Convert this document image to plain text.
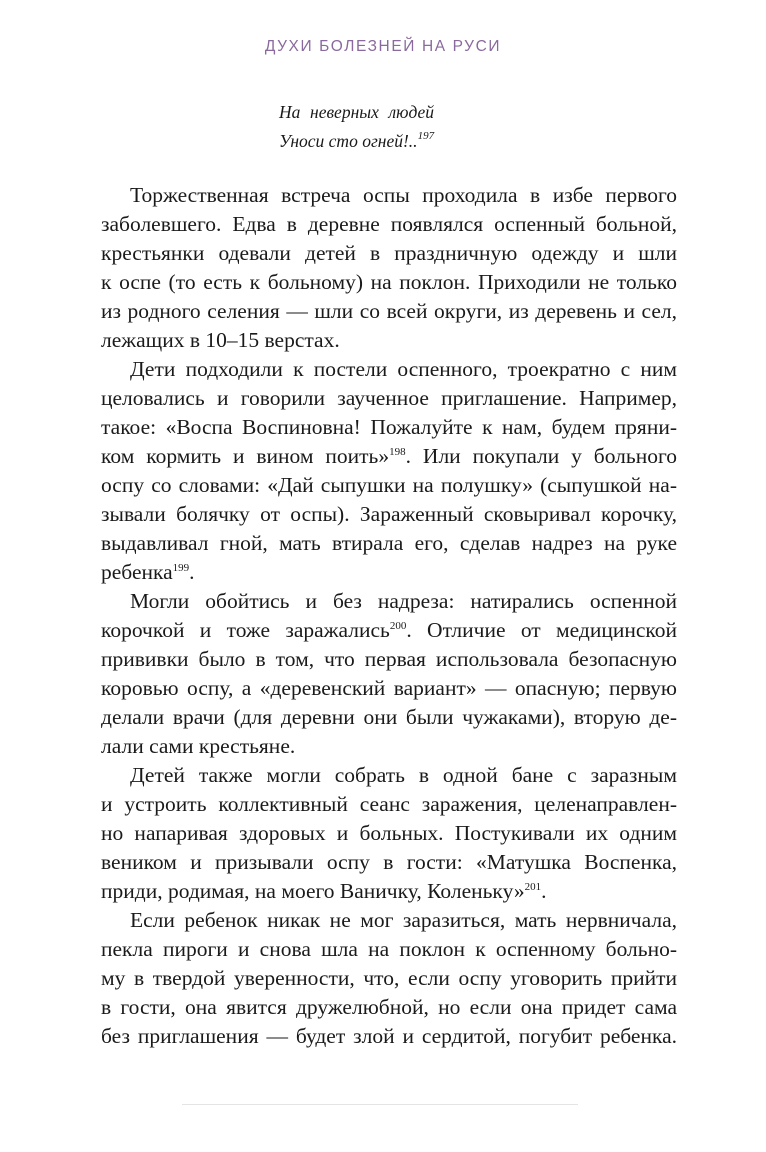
ДУХИ БОЛЕЗНЕЙ НА РУСИ
На неверных людей
Уноси сто огней!..$^{197}$
Торжественная встреча оспы проходила в избе первого
заболевшего. Едва в деревне появлялся оспенный больной,
крестьянки одевали детей в праздничную одежду и шли
к оспе (то есть к больному) на поклон. Приходили не только
из родного селения — шли со всей округи, из деревень и сел,
лежащих в 10–15 верстах.
Дети подходили к постели оспенного, троекратно с ним
целовались и говорили заученное приглашение. Например,
такое: «Воспа Воспиновна! Пожалуйте к нам, будем пряни-
ком кормить и вином поить»$^{198}$. Или покупали у больного
оспу со словами: «Дай сыпушки на полушку» (сыпушкой на-
зывали болячку от оспы). Зараженный сковыривал корочку,
выдавливал гной, мать втирала его, сделав надрез на руке
ребенка$^{199}$.
Могли обойтись и без надреза: натирались оспенной
корочкой и тоже заражались$^{200}$. Отличие от медицинской
прививки было в том, что первая использовала безопасную
коровью оспу, а «деревенский вариант» — опасную; первую
делали врачи (для деревни они были чужаками), вторую де-
лали сами крестьяне.
Детей также могли собрать в одной бане с заразным
и устроить коллективный сеанс заражения, целенаправлен-
но напаривая здоровых и больных. Постукивали их одним
веником и призывали оспу в гости: «Матушка Воспенка,
приди, родимая, на моего Ваничку, Коленьку»$^{201}$.
Если ребенок никак не мог заразиться, мать нервничала,
пекла пироги и снова шла на поклон к оспенному больно-
му в твердой уверенности, что, если оспу уговорить прийти
в гости, она явится дружелюбной, но если она придет сама
без приглашения — будет злой и сердитой, погубит ребенка.
